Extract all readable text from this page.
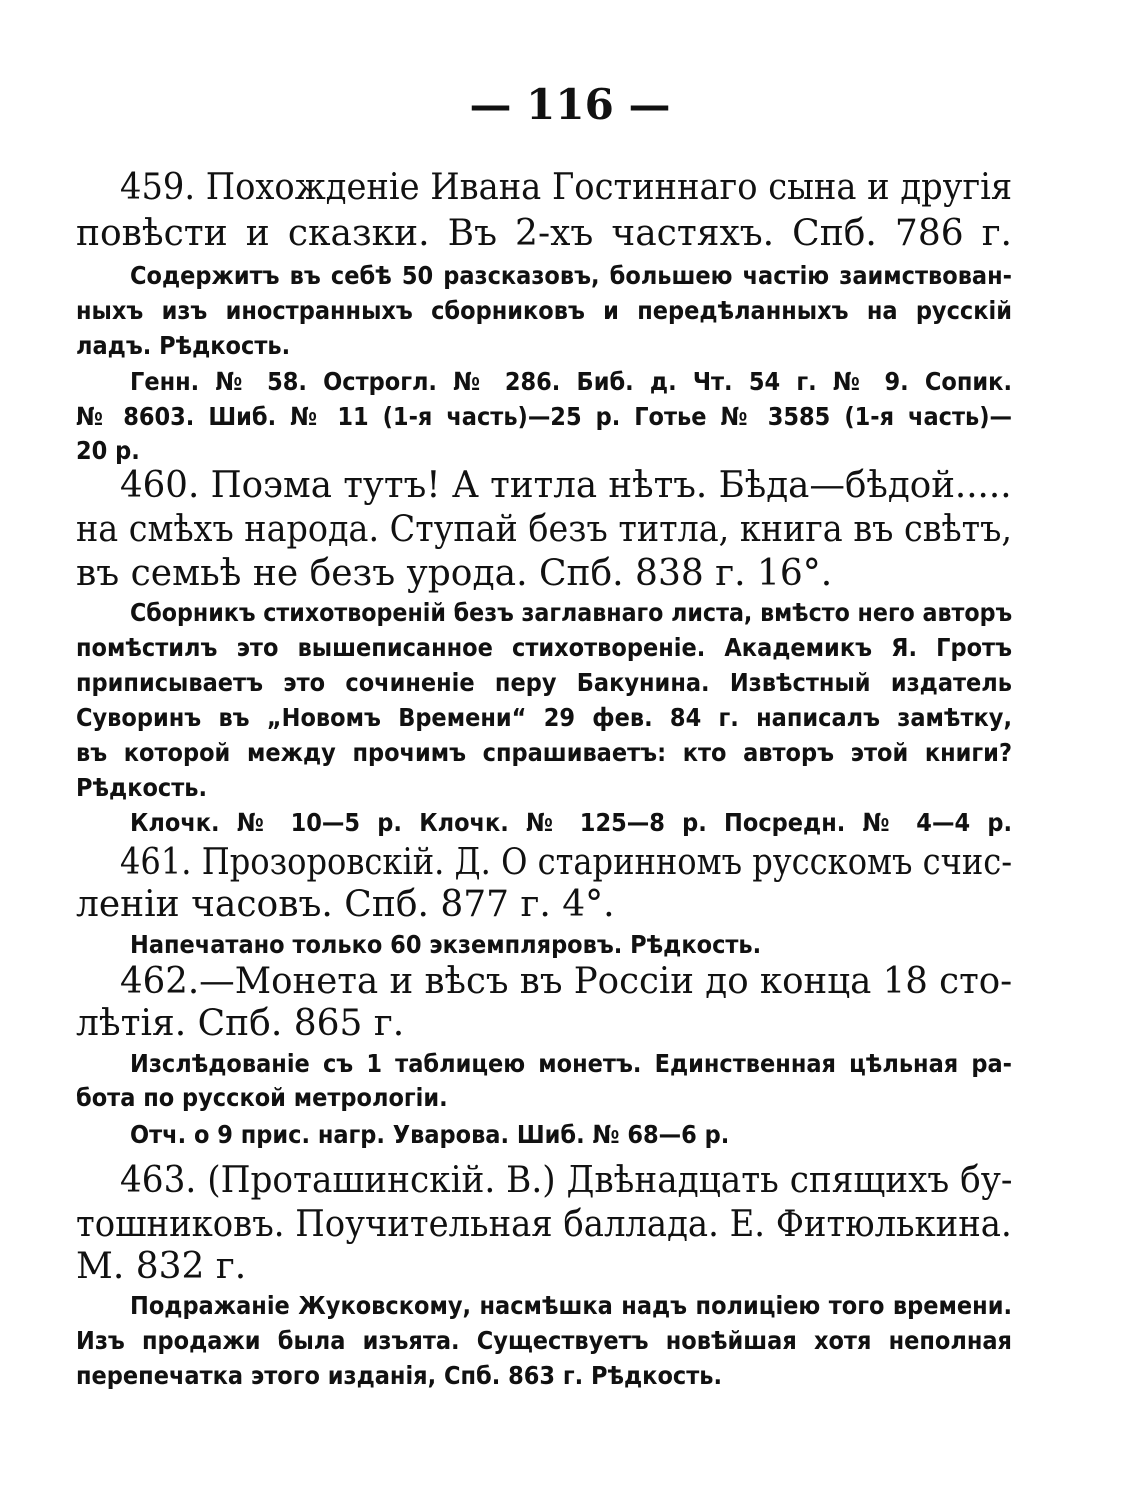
— 116 —
459. Похожденіе Ивана Гостиннаго сына и другія
повѣсти и сказки. Въ 2-хъ частяхъ. Спб. 786 г.
Содержитъ въ себѣ 50 разсказовъ, большею частію заимствован-
ныхъ изъ иностранныхъ сборниковъ и передѣланныхъ на русскій
ладъ. Рѣдкость.
Генн. № 58. Острогл. № 286. Биб. д. Чт. 54 г. № 9. Сопик.
№ 8603. Шиб. № 11 (1-я часть)—25 р. Готье № 3585 (1-я часть)—
20 р.
460. Поэма тутъ! А титла нѣтъ. Бѣда—бѣдой.....
на смѣхъ народа. Ступай безъ титла, книга въ свѣтъ,
въ семьѣ не безъ урода. Спб. 838 г. 16°.
Сборникъ стихотвореній безъ заглавнаго листа, вмѣсто него авторъ
помѣстилъ это вышеписанное стихотвореніе. Академикъ Я. Гротъ
приписываетъ это сочиненіе перу Бакунина. Извѣстный издатель
Суворинъ въ „Новомъ Времени“ 29 фев. 84 г. написалъ замѣтку,
въ которой между прочимъ спрашиваетъ: кто авторъ этой книги?
Рѣдкость.
Клочк. № 10—5 р. Клочк. № 125—8 р. Посредн. № 4—4 р.
461. Прозоровскій. Д. О старинномъ русскомъ счис-
леніи часовъ. Спб. 877 г. 4°.
Напечатано только 60 экземпляровъ. Рѣдкость.
462.—Монета и вѣсъ въ Россіи до конца 18 сто-
лѣтія. Спб. 865 г.
Изслѣдованіе съ 1 таблицею монетъ. Единственная цѣльная ра-
бота по русской метрологіи.
Отч. о 9 прис. нагр. Уварова. Шиб. № 68—6 р.
463. (Проташинскій. В.) Двѣнадцать спящихъ бу-
тошниковъ. Поучительная баллада. Е. Фитюлькина.
М. 832 г.
Подражаніе Жуковскому, насмѣшка надъ полиціею того времени.
Изъ продажи была изъята. Существуетъ новѣйшая хотя неполная
перепечатка этого изданія, Спб. 863 г. Рѣдкость.
